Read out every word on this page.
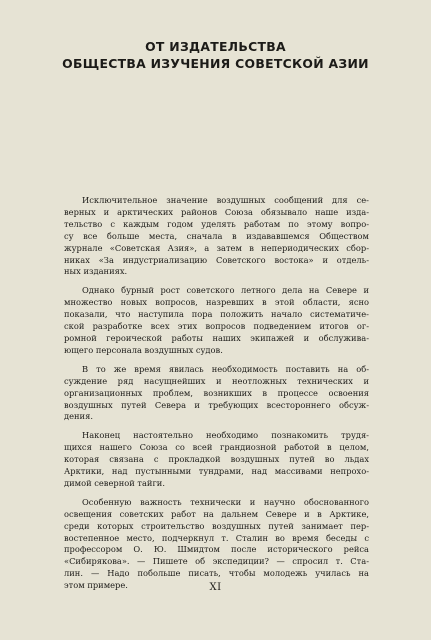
ОТ ИЗДАТЕЛЬСТВА
ОБЩЕСТВА ИЗУЧЕНИЯ СОВЕТСКОЙ АЗИИ
Исключительное значение воздушных сообщений для се-
верных и арктических районов Союза обязывало наше изда-
тельство с каждым годом уделять работам по этому вопро-
су все больше места, сначала в издававшемся Обществом
журнале «Советская Азия», а затем в непериодических сбор-
никах «За индустриализацию Советского востока» и отдель-
ных изданиях.
Однако бурный рост советского летного дела на Севере и
множество новых вопросов, назревших в этой области, ясно
показали, что наступила пора положить начало систематиче-
ской разработке всех этих вопросов подведением итогов ог-
ромной героической работы наших экипажей и обслужива-
ющего персонала воздушных судов.
В то же время явилась необходимость поставить на об-
суждение ряд насущнейших и неотложных технических и
организационных проблем, возникших в процессе освоения
воздушных путей Севера и требующих всестороннего обсуж-
дения.
Наконец настоятельно необходимо познакомить трудя-
щихся нашего Союза со всей грандиозной работой в целом,
которая связана с прокладкой воздушных путей во льдах
Арктики, над пустынными тундрами, над массивами непрохо-
димой северной тайги.
Особенную важность технически и научно обоснованного
освещения советских работ на дальнем Севере и в Арктике,
среди которых строительство воздушных путей занимает пер-
востепенное место, подчеркнул т. Сталин во время беседы с
профессором О. Ю. Шмидтом после исторического рейса
«Сибирякова». — Пишете об экспедиции? — спросил т. Ста-
лин. — Надо побольше писать, чтобы молодежь училась на
этом примере.	XI
